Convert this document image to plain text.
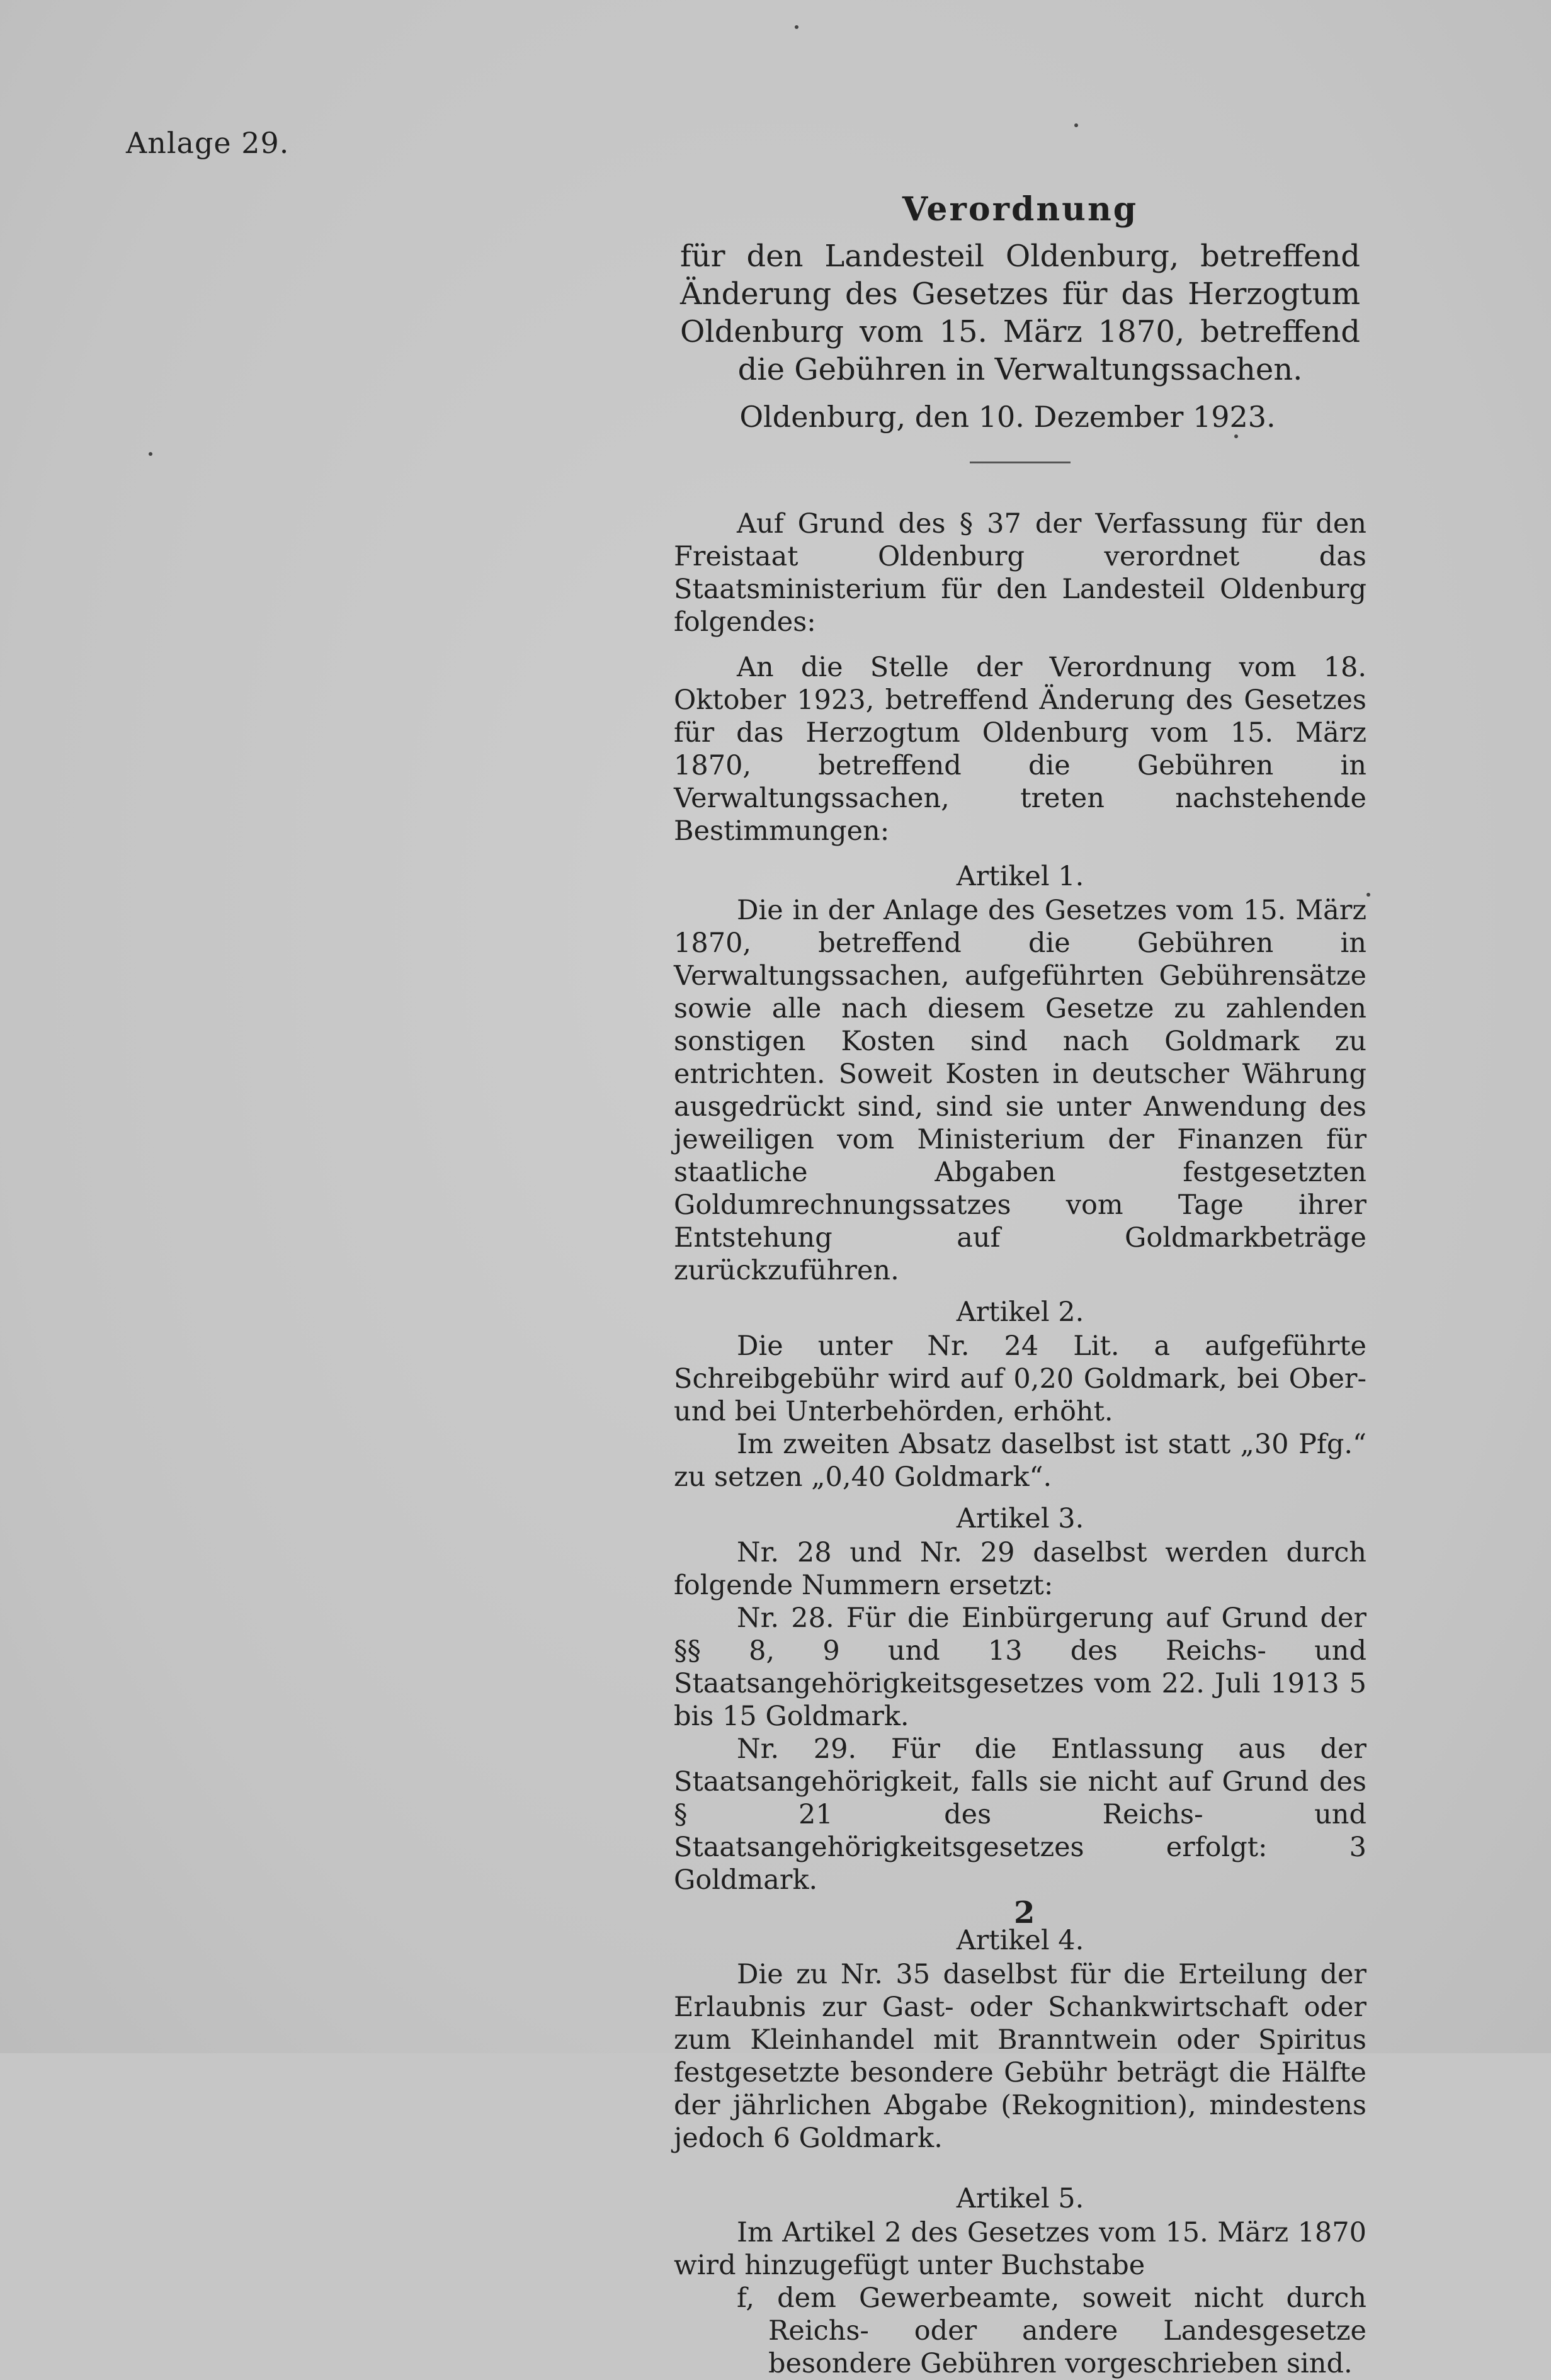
Anlage 29.
Verordnung
für den Landesteil Oldenburg, betreffend Änderung des Gesetzes für das Herzogtum Oldenburg vom 15. März 1870, betreffend die Gebühren in Verwaltungssachen.
Oldenburg, den 10. Dezember 1923.

Auf Grund des § 37 der Verfassung für den Freistaat Oldenburg verordnet das Staatsministerium für den Landesteil Oldenburg folgendes:

An die Stelle der Verordnung vom 18. Oktober 1923, betreffend Änderung des Gesetzes für das Herzogtum Oldenburg vom 15. März 1870, betreffend die Gebühren in Verwaltungssachen, treten nachstehende Bestimmungen:

Artikel 1.

Die in der Anlage des Gesetzes vom 15. März 1870, betreffend die Gebühren in Verwaltungssachen, aufgeführten Gebührensätze sowie alle nach diesem Gesetze zu zahlenden sonstigen Kosten sind nach Goldmark zu entrichten. Soweit Kosten in deutscher Währung ausgedrückt sind, sind sie unter Anwendung des jeweiligen vom Ministerium der Finanzen für staatliche Abgaben festgesetzten Goldumrechnungssatzes vom Tage ihrer Entstehung auf Goldmarkbeträge zurückzuführen.

Artikel 2.

Die unter Nr. 24 Lit. a aufgeführte Schreibgebühr wird auf 0,20 Goldmark, bei Ober- und bei Unterbehörden, erhöht.

Im zweiten Absatz daselbst ist statt „30 Pfg.“ zu setzen „0,40 Goldmark“.

Artikel 3.

Nr. 28 und Nr. 29 daselbst werden durch folgende Nummern ersetzt:

Nr. 28. Für die Einbürgerung auf Grund der §§ 8, 9 und 13 des Reichs- und Staatsangehörigkeitsgesetzes vom 22. Juli 1913 5 bis 15 Goldmark.

Nr. 29. Für die Entlassung aus der Staatsangehörigkeit, falls sie nicht auf Grund des § 21 des Reichs- und Staatsangehörigkeitsgesetzes erfolgt: 3 Goldmark.

Artikel 4.

Die zu Nr. 35 daselbst für die Erteilung der Erlaubnis zur Gast- oder Schankwirtschaft oder zum Kleinhandel mit Branntwein oder Spiritus festgesetzte besondere Gebühr beträgt die Hälfte der jährlichen Abgabe (Rekognition), mindestens jedoch 6 Goldmark.

Artikel 5.

Im Artikel 2 des Gesetzes vom 15. März 1870 wird hinzugefügt unter Buchstabe

f, dem Gewerbeamte, soweit nicht durch Reichs- oder andere Landesgesetze besondere Gebühren vorgeschrieben sind.

2
